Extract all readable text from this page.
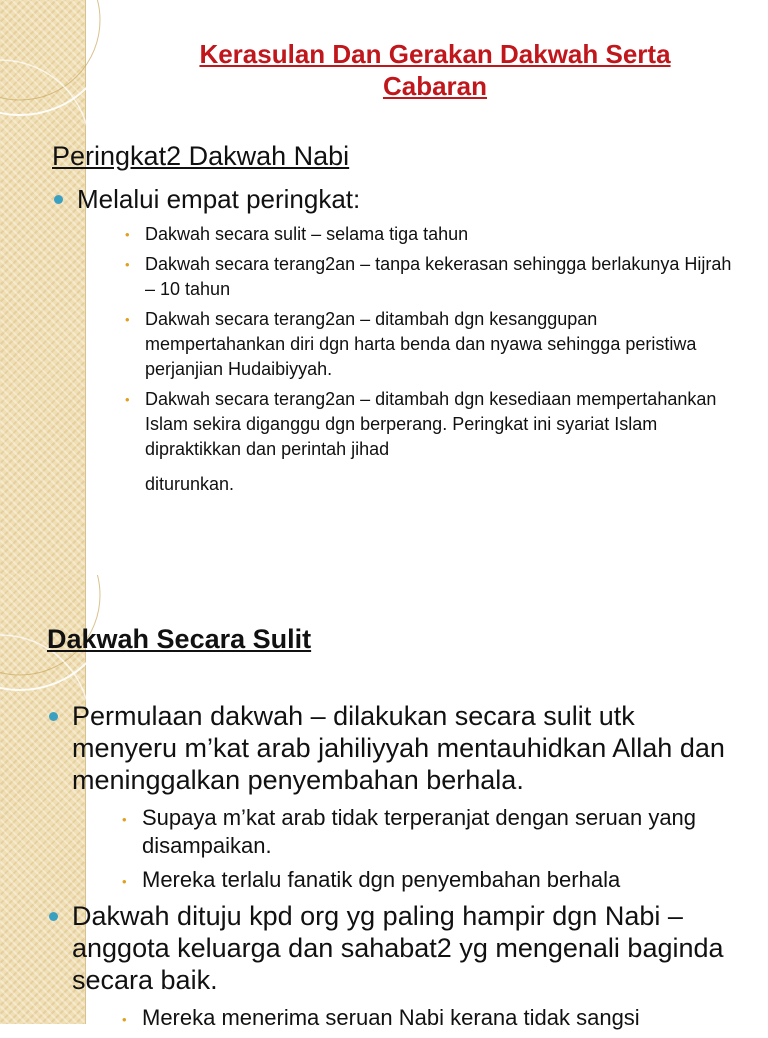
Kerasulan Dan Gerakan Dakwah Serta Cabaran
Peringkat2 Dakwah Nabi
Melalui empat peringkat:
• Dakwah secara sulit – selama tiga tahun
• Dakwah secara terang2an – tanpa kekerasan sehingga berlakunya Hijrah – 10 tahun
• Dakwah secara terang2an – ditambah dgn kesanggupan mempertahankan diri dgn harta benda dan nyawa sehingga peristiwa perjanjian Hudaibiyyah.
• Dakwah secara terang2an – ditambah dgn kesediaan mempertahankan Islam sekira diganggu dgn berperang. Peringkat ini syariat Islam dipraktikkan dan perintah jihad
diturunkan.
Dakwah Secara Sulit
Permulaan dakwah – dilakukan secara sulit utk menyeru m’kat arab jahiliyyah mentauhidkan Allah dan meninggalkan penyembahan berhala.
• Supaya m’kat arab tidak terperanjat dengan seruan yang disampaikan.
• Mereka terlalu fanatik dgn penyembahan berhala
Dakwah dituju kpd org yg paling hampir dgn Nabi – anggota keluarga dan sahabat2 yg mengenali baginda secara baik.
• Mereka menerima seruan Nabi kerana tidak sangsi
